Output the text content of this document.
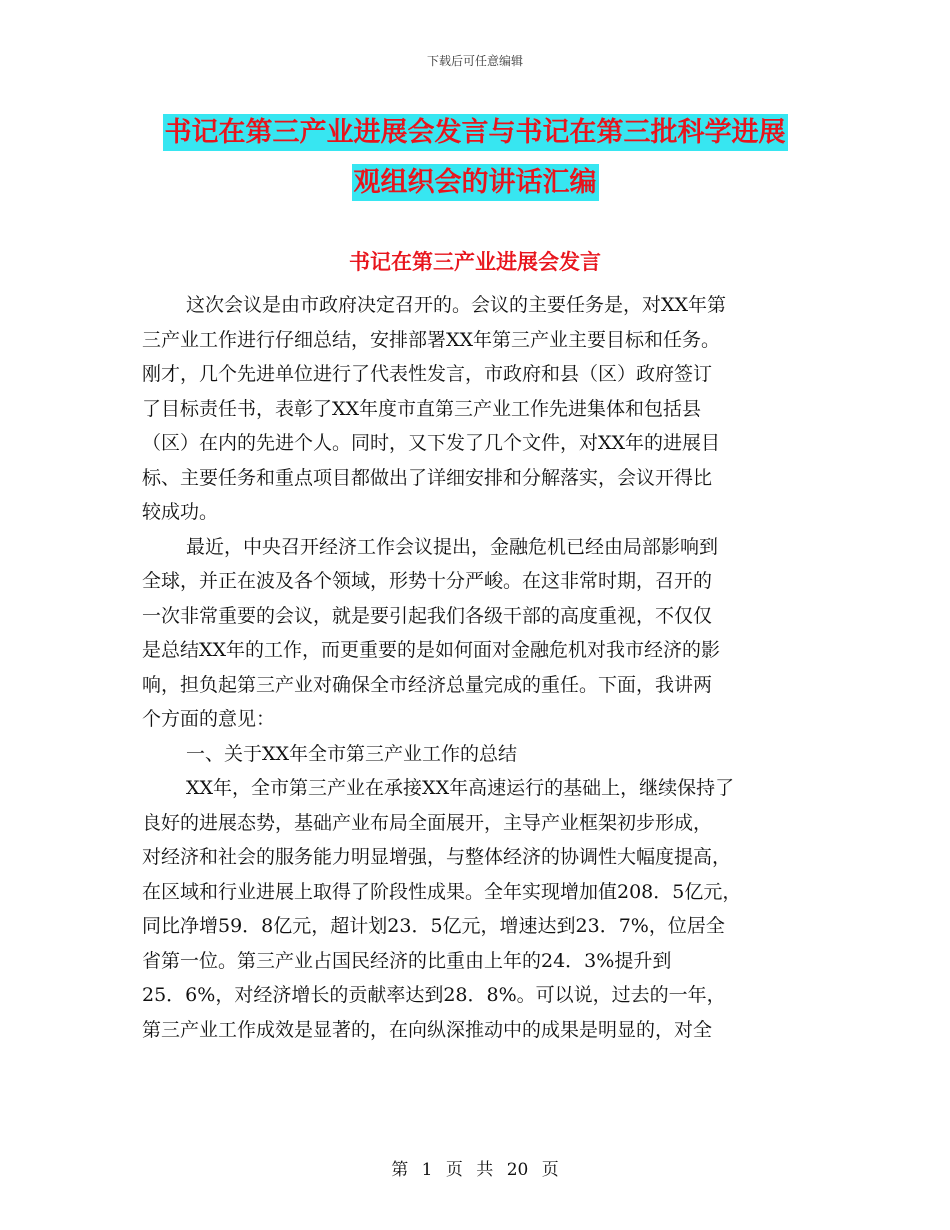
下载后可任意编辑
书记在第三产业进展会发言与书记在第三批科学进展
观组织会的讲话汇编
书记在第三产业进展会发言

这次会议是由市政府决定召开的。会议的主要任务是，对XX年第

三产业工作进行仔细总结，安排部署XX年第三产业主要目标和任务。

刚才，几个先进单位进行了代表性发言，市政府和县（区）政府签订

了目标责任书，表彰了XX年度市直第三产业工作先进集体和包括县

（区）在内的先进个人。同时，又下发了几个文件，对XX年的进展目

标、主要任务和重点项目都做出了详细安排和分解落实，会议开得比

较成功。

最近，中央召开经济工作会议提出，金融危机已经由局部影响到

全球，并正在波及各个领域，形势十分严峻。在这非常时期，召开的

一次非常重要的会议，就是要引起我们各级干部的高度重视，不仅仅

是总结XX年的工作，而更重要的是如何面对金融危机对我市经济的影

响，担负起第三产业对确保全市经济总量完成的重任。下面，我讲两

个方面的意见：

一、关于XX年全市第三产业工作的总结

XX年，全市第三产业在承接XX年高速运行的基础上，继续保持了

良好的进展态势，基础产业布局全面展开，主导产业框架初步形成，

对经济和社会的服务能力明显增强，与整体经济的协调性大幅度提高，

在区域和行业进展上取得了阶段性成果。全年实现增加值208．5亿元，

同比净增59．8亿元，超计划23．5亿元，增速达到23．7%，位居全

省第一位。第三产业占国民经济的比重由上年的24．3%提升到

25．6%，对经济增长的贡献率达到28．8%。可以说，过去的一年，

第三产业工作成效是显著的，在向纵深推动中的成果是明显的，对全

第 1 页 共 20 页
